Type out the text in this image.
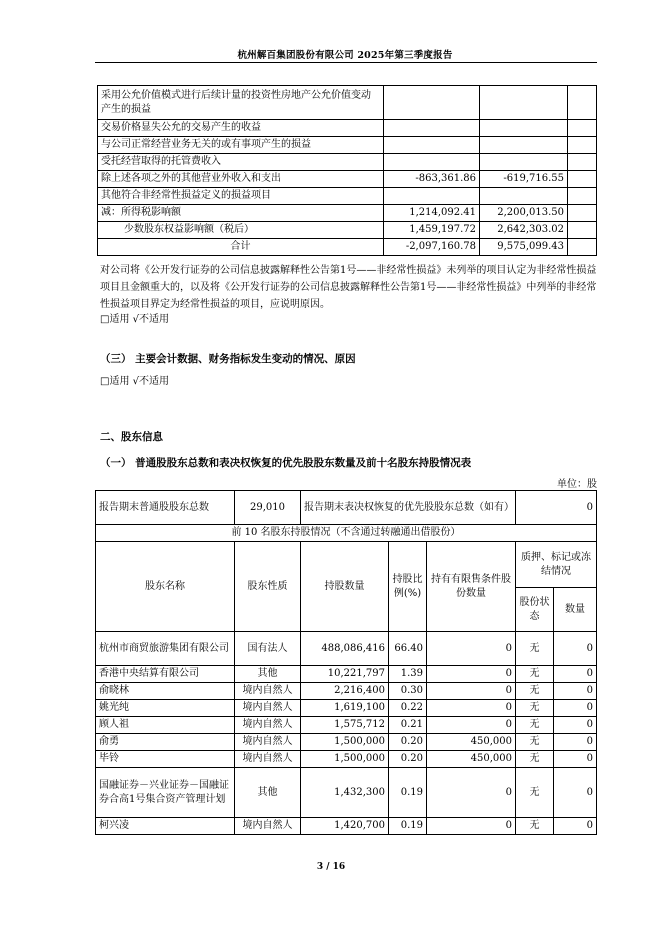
杭州解百集团股份有限公司 2025年第三季度报告
采用公允价值模式进行后续计量的投资性房地产公允价值变动产生的损益			
交易价格显失公允的交易产生的收益			
与公司正常经营业务无关的或有事项产生的损益			
受托经营取得的托管费收入			
除上述各项之外的其他营业外收入和支出	-863,361.86	-619,716.55	
其他符合非经常性损益定义的损益项目			
减：所得税影响额	1,214,092.41	2,200,013.50	
少数股东权益影响额（税后）	1,459,197.72	2,642,303.02	
合计	-2,097,160.78	9,575,099.43	
对公司将《公开发行证券的公司信息披露解释性公告第1号——非经常性损益》未列举的项目认定为非经常性损益项目且金额重大的，以及将《公开发行证券的公司信息披露解释性公告第1号——非经常性损益》中列举的非经常性损益项目界定为经常性损益的项目，应说明原因。
□适用 √不适用
（三） 主要会计数据、财务指标发生变动的情况、原因
□适用 √不适用
二、股东信息
（一） 普通股股东总数和表决权恢复的优先股股东数量及前十名股东持股情况表
单位：股
报告期末普通股股东总数	29,010	报告期末表决权恢复的优先股股东总数（如有）			0	
前 10 名股东持股情况（不含通过转融通出借股份）						
股东名称	股东性质	持股数量	持股比例(%)	持有有限售条件股份数量	质押、标记或冻结情况	
					股份状态	数量
杭州市商贸旅游集团有限公司	国有法人	488,086,416	66.40	0	无	0
香港中央结算有限公司	其他	10,221,797	1.39	0	无	0
俞晓林	境内自然人	2,216,400	0.30	0	无	0
姚光纯	境内自然人	1,619,100	0.22	0	无	0
顾人祖	境内自然人	1,575,712	0.21	0	无	0
俞勇	境内自然人	1,500,000	0.20	450,000	无	0
毕铃	境内自然人	1,500,000	0.20	450,000	无	0
国融证券－兴业证券－国融证券合高1号集合资产管理计划	其他	1,432,300	0.19	0	无	0
柯兴凌	境内自然人	1,420,700	0.19	0	无	0
3 / 16
